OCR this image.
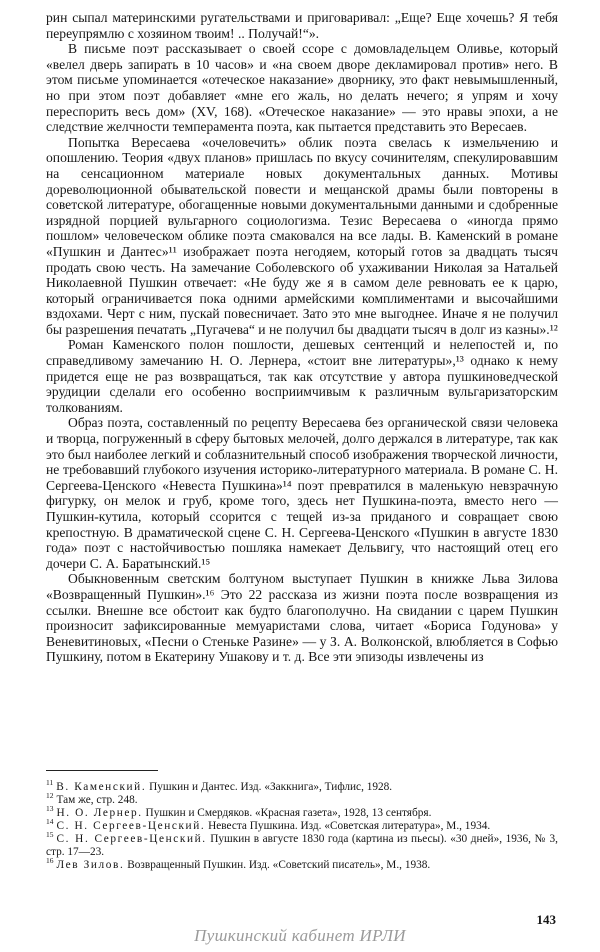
рин сыпал материнскими ругательствами и приговаривал: „Еще? Еще хочешь? Я тебя переупрямлю с хозяином твоим! .. Получай!“».

В письме поэт рассказывает о своей ссоре с домовладельцем Оливье, который «велел дверь запирать в 10 часов» и «на своем дворе декламировал против» него. В этом письме упоминается «отеческое наказание» дворнику, это факт невымышленный, но при этом поэт добавляет «мне его жаль, но делать нечего; я упрям и хочу переспорить весь дом» (XV, 168). «Отеческое наказание» — это нравы эпохи, а не следствие желчности темперамента поэта, как пытается представить это Вересаев.

Попытка Вересаева «очеловечить» облик поэта свелась к измельчению и опошлению. Теория «двух планов» пришлась по вкусу сочинителям, спекулировавшим на сенсационном материале новых документальных данных. Мотивы дореволюционной обывательской повести и мещанской драмы были повторены в советской литературе, обогащенные новыми документальными данными и сдобренные изрядной порцией вульгарного социологизма. Тезис Вересаева о «иногда прямо пошлом» человеческом облике поэта смаковался на все лады. В. Каменский в романе «Пушкин и Дантес»¹¹ изображает поэта негодяем, который готов за двадцать тысяч продать свою честь. На замечание Соболевского об ухаживании Николая за Натальей Николаевной Пушкин отвечает: «Не буду же я в самом деле ревновать ее к царю, который ограничивается пока одними армейскими комплиментами и высочайшими вздохами. Черт с ним, пускай повесничает. Зато это мне выгоднее. Иначе я не получил бы разрешения печатать „Пугачева“ и не получил бы двадцати тысяч в долг из казны».¹²

Роман Каменского полон пошлости, дешевых сентенций и нелепостей и, по справедливому замечанию Н. О. Лернера, «стоит вне литературы»,¹³ однако к нему придется еще не раз возвращаться, так как отсутствие у автора пушкиноведческой эрудиции сделали его особенно восприимчивым к различным вульгаризаторским толкованиям.

Образ поэта, составленный по рецепту Вересаева без органической связи человека и творца, погруженный в сферу бытовых мелочей, долго держался в литературе, так как это был наиболее легкий и соблазнительный способ изображения творческой личности, не требовавший глубокого изучения историко-литературного материала. В романе С. Н. Сергеева-Ценского «Невеста Пушкина»¹⁴ поэт превратился в маленькую невзрачную фигурку, он мелок и груб, кроме того, здесь нет Пушкина-поэта, вместо него — Пушкин-кутила, который ссорится с тещей из-за приданого и совращает свою крепостную. В драматической сцене С. Н. Сергеева-Ценского «Пушкин в августе 1830 года» поэт с настойчивостью пошляка намекает Дельвигу, что настоящий отец его дочери С. А. Баратынский.¹⁵

Обыкновенным светским болтуном выступает Пушкин в книжке Льва Зилова «Возвращенный Пушкин».¹⁶ Это 22 рассказа из жизни поэта после возвращения из ссылки. Внешне все обстоит как будто благополучно. На свидании с царем Пушкин произносит зафиксированные мемуаристами слова, читает «Бориса Годунова» у Веневитиновых, «Песни о Стеньке Разине» — у З. А. Волконской, влюбляется в Софью Пушкину, потом в Екатерину Ушакову и т. д. Все эти эпизоды извлечены из

$^{11}$ В. Каменский. Пушкин и Дантес. Изд. «Заккнига», Тифлис, 1928.
$^{12}$ Там же, стр. 248.
$^{13}$ Н. О. Лернер. Пушкин и Смердяков. «Красная газета», 1928, 13 сентября.
$^{14}$ С. Н. Сергеев-Ценский. Невеста Пушкина. Изд. «Советская литература», М., 1934.
$^{15}$ С. Н. Сергеев-Ценский. Пушкин в августе 1830 года (картина из пьесы). «30 дней», 1936, № 3, стр. 17—23.
$^{16}$ Лев Зилов. Возвращенный Пушкин. Изд. «Советский писатель», М., 1938.
143
Пушкинский кабинет ИРЛИ
